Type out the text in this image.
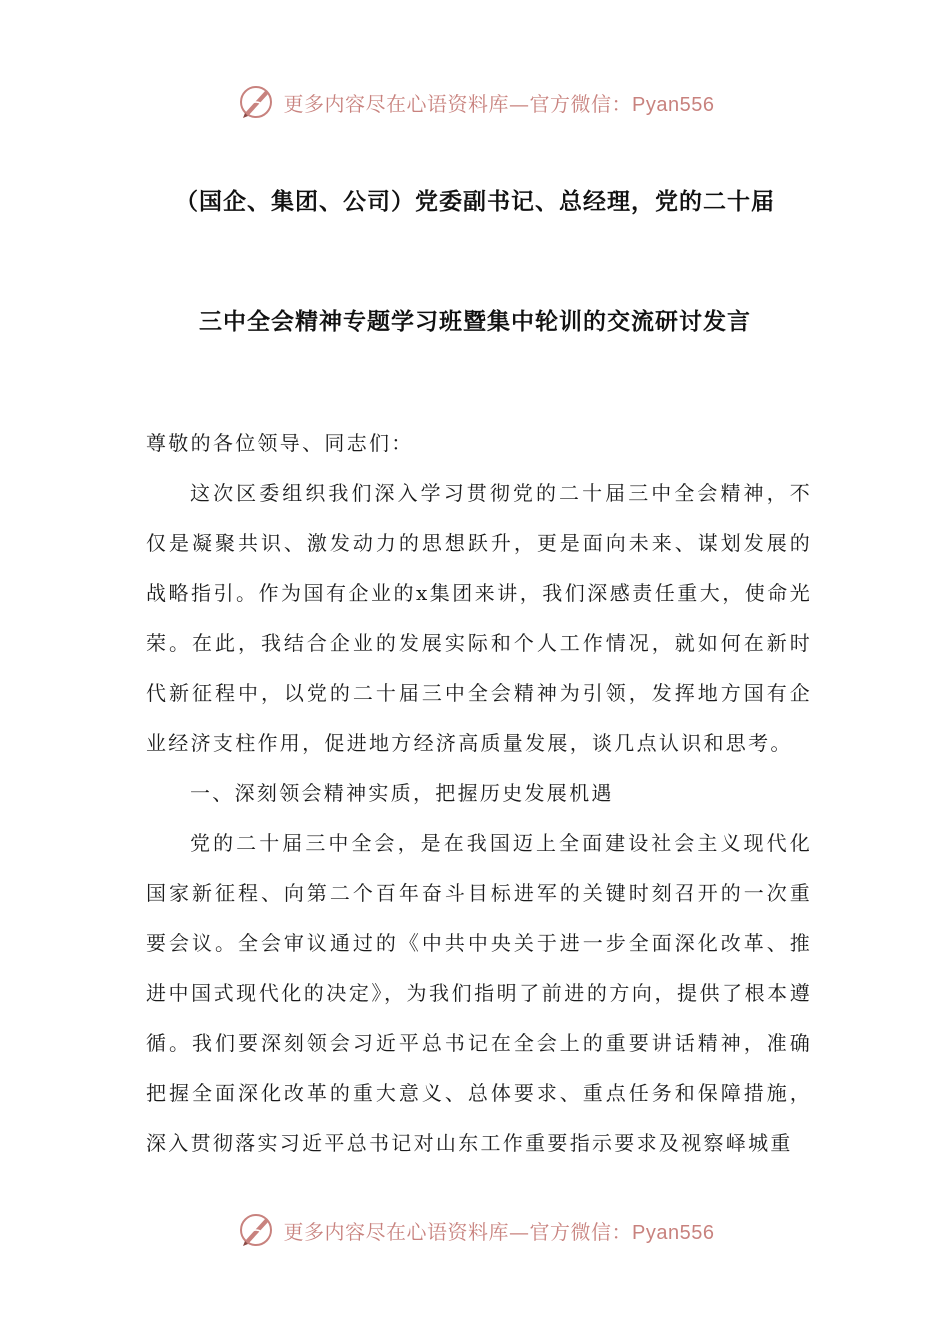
更多内容尽在心语资料库—官方微信：Pyan556
（国企、集团、公司）党委副书记、总经理，党的二十届
三中全会精神专题学习班暨集中轮训的交流研讨发言

尊敬的各位领导、同志们：

这次区委组织我们深入学习贯彻党的二十届三中全会精神，不仅是凝聚共识、激发动力的思想跃升，更是面向未来、谋划发展的战略指引。作为国有企业的x集团来讲，我们深感责任重大，使命光荣。在此，我结合企业的发展实际和个人工作情况，就如何在新时代新征程中，以党的二十届三中全会精神为引领，发挥地方国有企业经济支柱作用，促进地方经济高质量发展，谈几点认识和思考。

一、深刻领会精神实质，把握历史发展机遇

党的二十届三中全会，是在我国迈上全面建设社会主义现代化国家新征程、向第二个百年奋斗目标进军的关键时刻召开的一次重要会议。全会审议通过的《中共中央关于进一步全面深化改革、推进中国式现代化的决定》，为我们指明了前进的方向，提供了根本遵循。我们要深刻领会习近平总书记在全会上的重要讲话精神，准确把握全面深化改革的重大意义、总体要求、重点任务和保障措施，深入贯彻落实习近平总书记对山东工作重要指示要求及视察峄城重

更多内容尽在心语资料库—官方微信：Pyan556
